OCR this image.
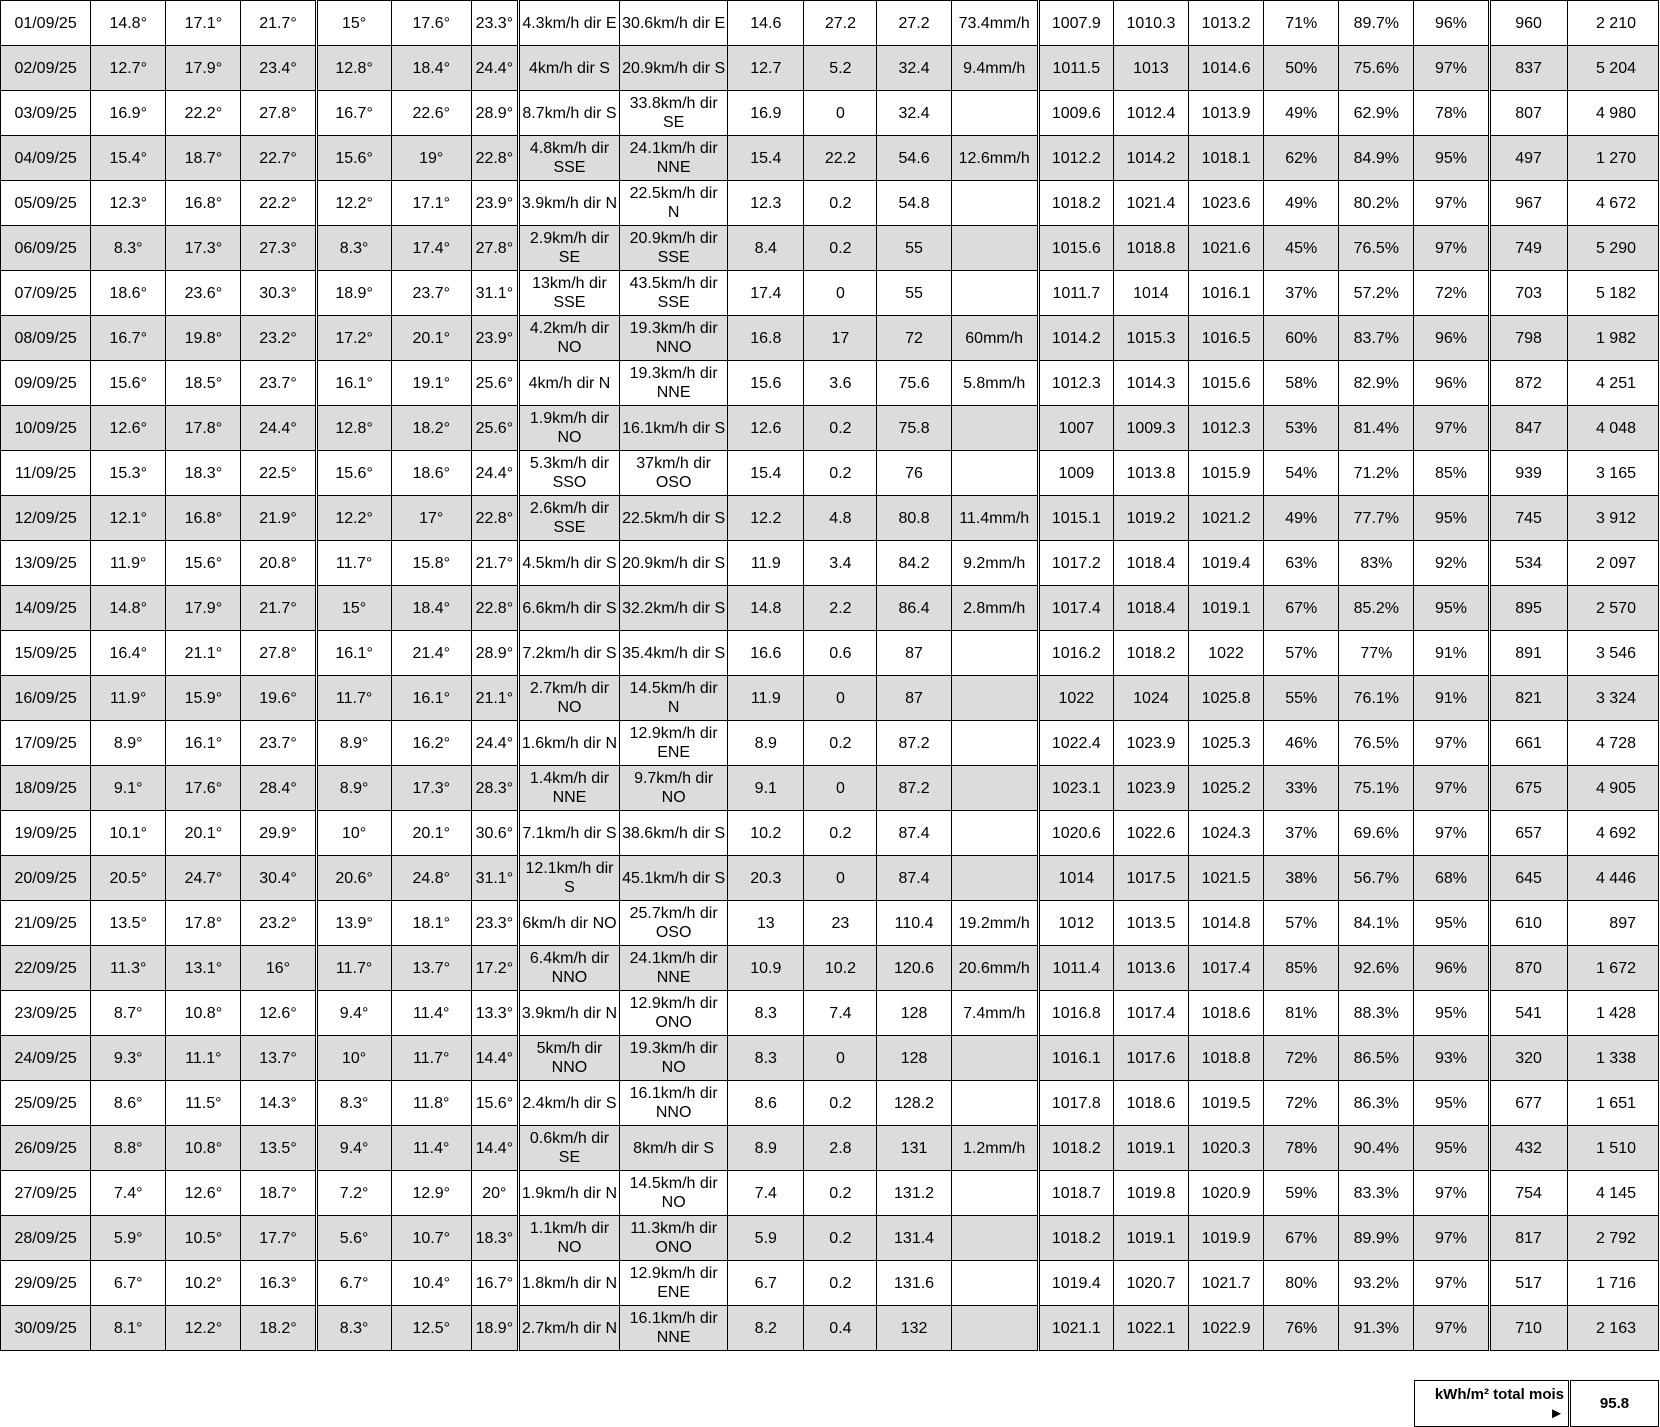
01/09/25	14.8°	17.1°	21.7°	15°	17.6°	23.3°	4.3km/h dir E	30.6km/h dir E	14.6	27.2	27.2	73.4mm/h	1007.9	1010.3	1013.2	71%	89.7%	96%	960	2 210
02/09/25	12.7°	17.9°	23.4°	12.8°	18.4°	24.4°	4km/h dir S	20.9km/h dir S	12.7	5.2	32.4	9.4mm/h	1011.5	1013	1014.6	50%	75.6%	97%	837	5 204
03/09/25	16.9°	22.2°	27.8°	16.7°	22.6°	28.9°	8.7km/h dir S	33.8km/h dir SE	16.9	0	32.4		1009.6	1012.4	1013.9	49%	62.9%	78%	807	4 980
04/09/25	15.4°	18.7°	22.7°	15.6°	19°	22.8°	4.8km/h dir SSE	24.1km/h dir NNE	15.4	22.2	54.6	12.6mm/h	1012.2	1014.2	1018.1	62%	84.9%	95%	497	1 270
05/09/25	12.3°	16.8°	22.2°	12.2°	17.1°	23.9°	3.9km/h dir N	22.5km/h dir N	12.3	0.2	54.8		1018.2	1021.4	1023.6	49%	80.2%	97%	967	4 672
06/09/25	8.3°	17.3°	27.3°	8.3°	17.4°	27.8°	2.9km/h dir SE	20.9km/h dir SSE	8.4	0.2	55		1015.6	1018.8	1021.6	45%	76.5%	97%	749	5 290
07/09/25	18.6°	23.6°	30.3°	18.9°	23.7°	31.1°	13km/h dir SSE	43.5km/h dir SSE	17.4	0	55		1011.7	1014	1016.1	37%	57.2%	72%	703	5 182
08/09/25	16.7°	19.8°	23.2°	17.2°	20.1°	23.9°	4.2km/h dir NO	19.3km/h dir NNO	16.8	17	72	60mm/h	1014.2	1015.3	1016.5	60%	83.7%	96%	798	1 982
09/09/25	15.6°	18.5°	23.7°	16.1°	19.1°	25.6°	4km/h dir N	19.3km/h dir NNE	15.6	3.6	75.6	5.8mm/h	1012.3	1014.3	1015.6	58%	82.9%	96%	872	4 251
10/09/25	12.6°	17.8°	24.4°	12.8°	18.2°	25.6°	1.9km/h dir NO	16.1km/h dir S	12.6	0.2	75.8		1007	1009.3	1012.3	53%	81.4%	97%	847	4 048
11/09/25	15.3°	18.3°	22.5°	15.6°	18.6°	24.4°	5.3km/h dir SSO	37km/h dir OSO	15.4	0.2	76		1009	1013.8	1015.9	54%	71.2%	85%	939	3 165
12/09/25	12.1°	16.8°	21.9°	12.2°	17°	22.8°	2.6km/h dir SSE	22.5km/h dir S	12.2	4.8	80.8	11.4mm/h	1015.1	1019.2	1021.2	49%	77.7%	95%	745	3 912
13/09/25	11.9°	15.6°	20.8°	11.7°	15.8°	21.7°	4.5km/h dir S	20.9km/h dir S	11.9	3.4	84.2	9.2mm/h	1017.2	1018.4	1019.4	63%	83%	92%	534	2 097
14/09/25	14.8°	17.9°	21.7°	15°	18.4°	22.8°	6.6km/h dir S	32.2km/h dir S	14.8	2.2	86.4	2.8mm/h	1017.4	1018.4	1019.1	67%	85.2%	95%	895	2 570
15/09/25	16.4°	21.1°	27.8°	16.1°	21.4°	28.9°	7.2km/h dir S	35.4km/h dir S	16.6	0.6	87		1016.2	1018.2	1022	57%	77%	91%	891	3 546
16/09/25	11.9°	15.9°	19.6°	11.7°	16.1°	21.1°	2.7km/h dir NO	14.5km/h dir N	11.9	0	87		1022	1024	1025.8	55%	76.1%	91%	821	3 324
17/09/25	8.9°	16.1°	23.7°	8.9°	16.2°	24.4°	1.6km/h dir N	12.9km/h dir ENE	8.9	0.2	87.2		1022.4	1023.9	1025.3	46%	76.5%	97%	661	4 728
18/09/25	9.1°	17.6°	28.4°	8.9°	17.3°	28.3°	1.4km/h dir NNE	9.7km/h dir NO	9.1	0	87.2		1023.1	1023.9	1025.2	33%	75.1%	97%	675	4 905
19/09/25	10.1°	20.1°	29.9°	10°	20.1°	30.6°	7.1km/h dir S	38.6km/h dir S	10.2	0.2	87.4		1020.6	1022.6	1024.3	37%	69.6%	97%	657	4 692
20/09/25	20.5°	24.7°	30.4°	20.6°	24.8°	31.1°	12.1km/h dir S	45.1km/h dir S	20.3	0	87.4		1014	1017.5	1021.5	38%	56.7%	68%	645	4 446
21/09/25	13.5°	17.8°	23.2°	13.9°	18.1°	23.3°	6km/h dir NO	25.7km/h dir OSO	13	23	110.4	19.2mm/h	1012	1013.5	1014.8	57%	84.1%	95%	610	897
22/09/25	11.3°	13.1°	16°	11.7°	13.7°	17.2°	6.4km/h dir NNO	24.1km/h dir NNE	10.9	10.2	120.6	20.6mm/h	1011.4	1013.6	1017.4	85%	92.6%	96%	870	1 672
23/09/25	8.7°	10.8°	12.6°	9.4°	11.4°	13.3°	3.9km/h dir N	12.9km/h dir ONO	8.3	7.4	128	7.4mm/h	1016.8	1017.4	1018.6	81%	88.3%	95%	541	1 428
24/09/25	9.3°	11.1°	13.7°	10°	11.7°	14.4°	5km/h dir NNO	19.3km/h dir NO	8.3	0	128		1016.1	1017.6	1018.8	72%	86.5%	93%	320	1 338
25/09/25	8.6°	11.5°	14.3°	8.3°	11.8°	15.6°	2.4km/h dir S	16.1km/h dir NNO	8.6	0.2	128.2		1017.8	1018.6	1019.5	72%	86.3%	95%	677	1 651
26/09/25	8.8°	10.8°	13.5°	9.4°	11.4°	14.4°	0.6km/h dir SE	8km/h dir S	8.9	2.8	131	1.2mm/h	1018.2	1019.1	1020.3	78%	90.4%	95%	432	1 510
27/09/25	7.4°	12.6°	18.7°	7.2°	12.9°	20°	1.9km/h dir N	14.5km/h dir NO	7.4	0.2	131.2		1018.7	1019.8	1020.9	59%	83.3%	97%	754	4 145
28/09/25	5.9°	10.5°	17.7°	5.6°	10.7°	18.3°	1.1km/h dir NO	11.3km/h dir ONO	5.9	0.2	131.4		1018.2	1019.1	1019.9	67%	89.9%	97%	817	2 792
29/09/25	6.7°	10.2°	16.3°	6.7°	10.4°	16.7°	1.8km/h dir N	12.9km/h dir ENE	6.7	0.2	131.6		1019.4	1020.7	1021.7	80%	93.2%	97%	517	1 716
30/09/25	8.1°	12.2°	18.2°	8.3°	12.5°	18.9°	2.7km/h dir N	16.1km/h dir NNE	8.2	0.4	132		1021.1	1022.1	1022.9	76%	91.3%	97%	710	2 163
kWh/m² total mois ►	95.8
